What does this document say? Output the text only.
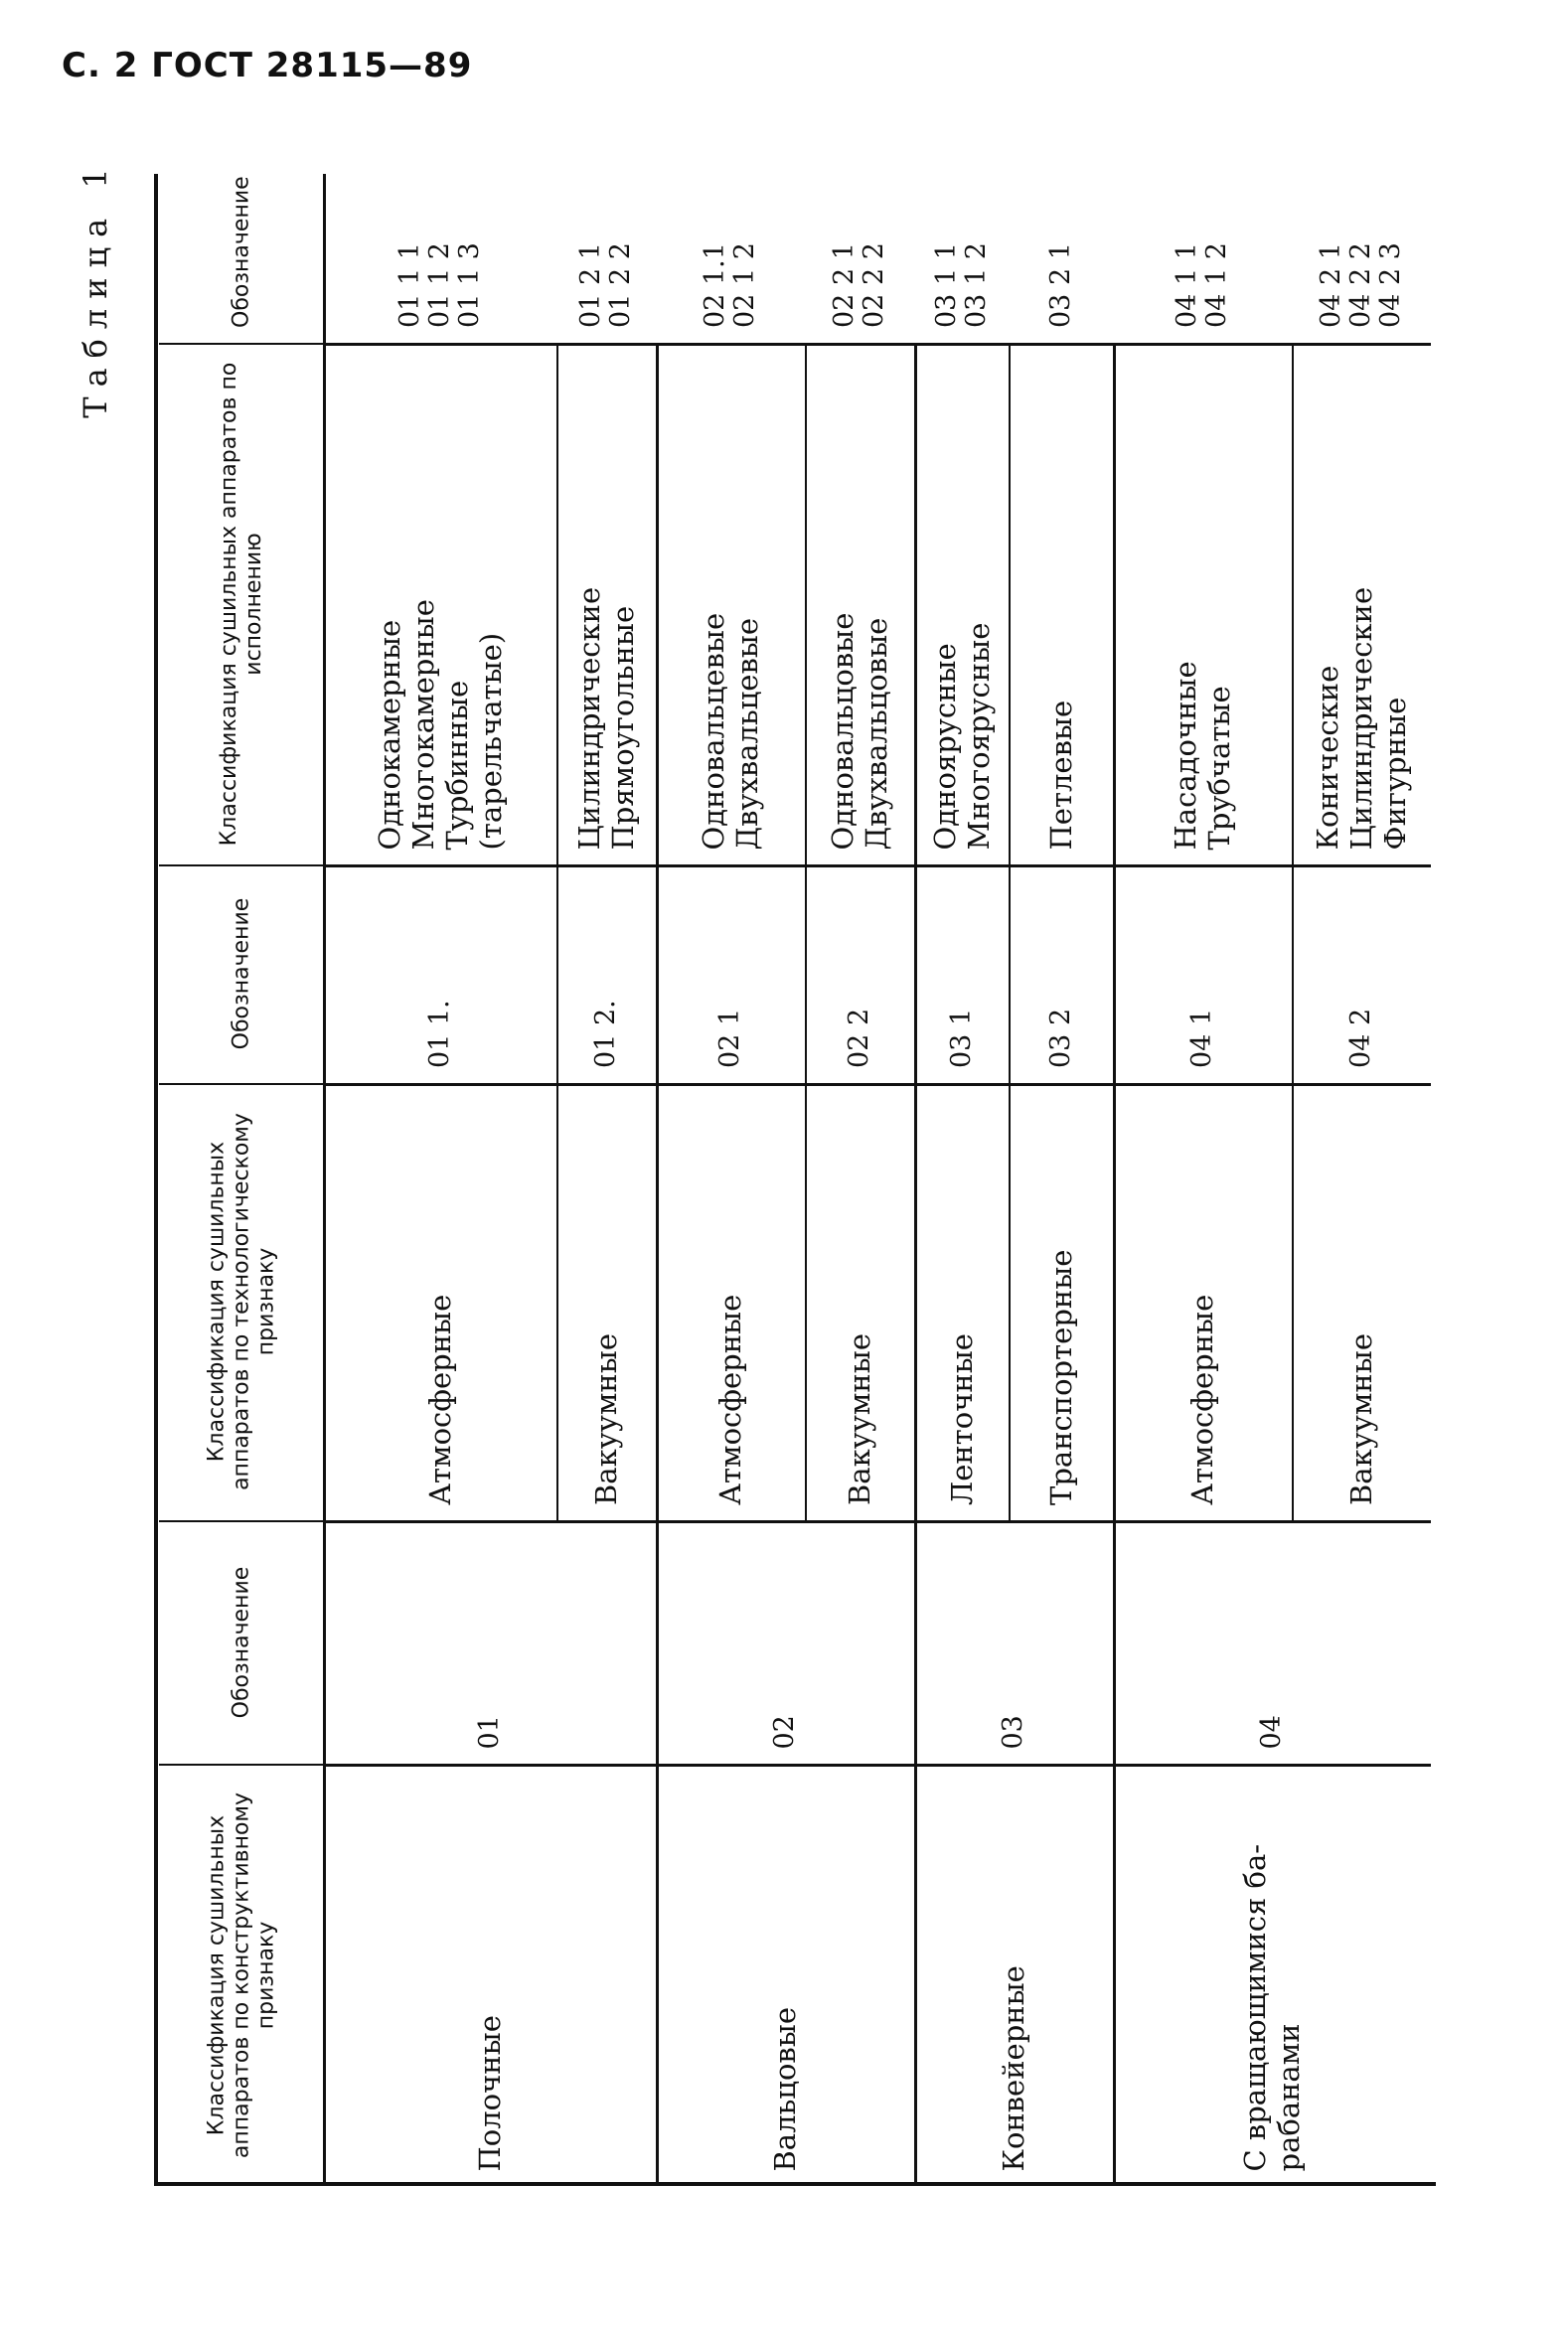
С. 2 ГОСТ 28115—89
Таблица 1
Классификация сушильных аппаратов по конструктивному признаку
Обозначение
Классификация сушильных аппаратов по технологическому признаку
Обозначение
Классификация сушильных аппаратов по исполнению
Обозначение
Полочные
01
Атмосферные
01 1.
Однокамерные Многокамерные Турбинные (тарельчатые)
01 1 1 01 1 2 01 1 3
Вакуумные
01 2.
Цилиндрические Прямоугольные
01 2 1 01 2 2
Вальцовые
02
Атмосферные
02 1
Одновальцевые Двухвальцевые
02 1.1 02 1 2
Вакуумные
02 2
Одновальцовые Двухвальцовые
02 2 1 02 2 2
Конвейерные
03
Ленточные
03 1
Одноярусные Многоярусные
03 1 1 03 1 2
Транспортерные
03 2
Петлевые
03 2 1
С вращающимися ба- рабанами
04
Атмосферные
04 1
Насадочные Трубчатые
04 1 1 04 1 2
Вакуумные
04 2
Конические Цилиндрические Фигурные
04 2 1 04 2 2 04 2 3
